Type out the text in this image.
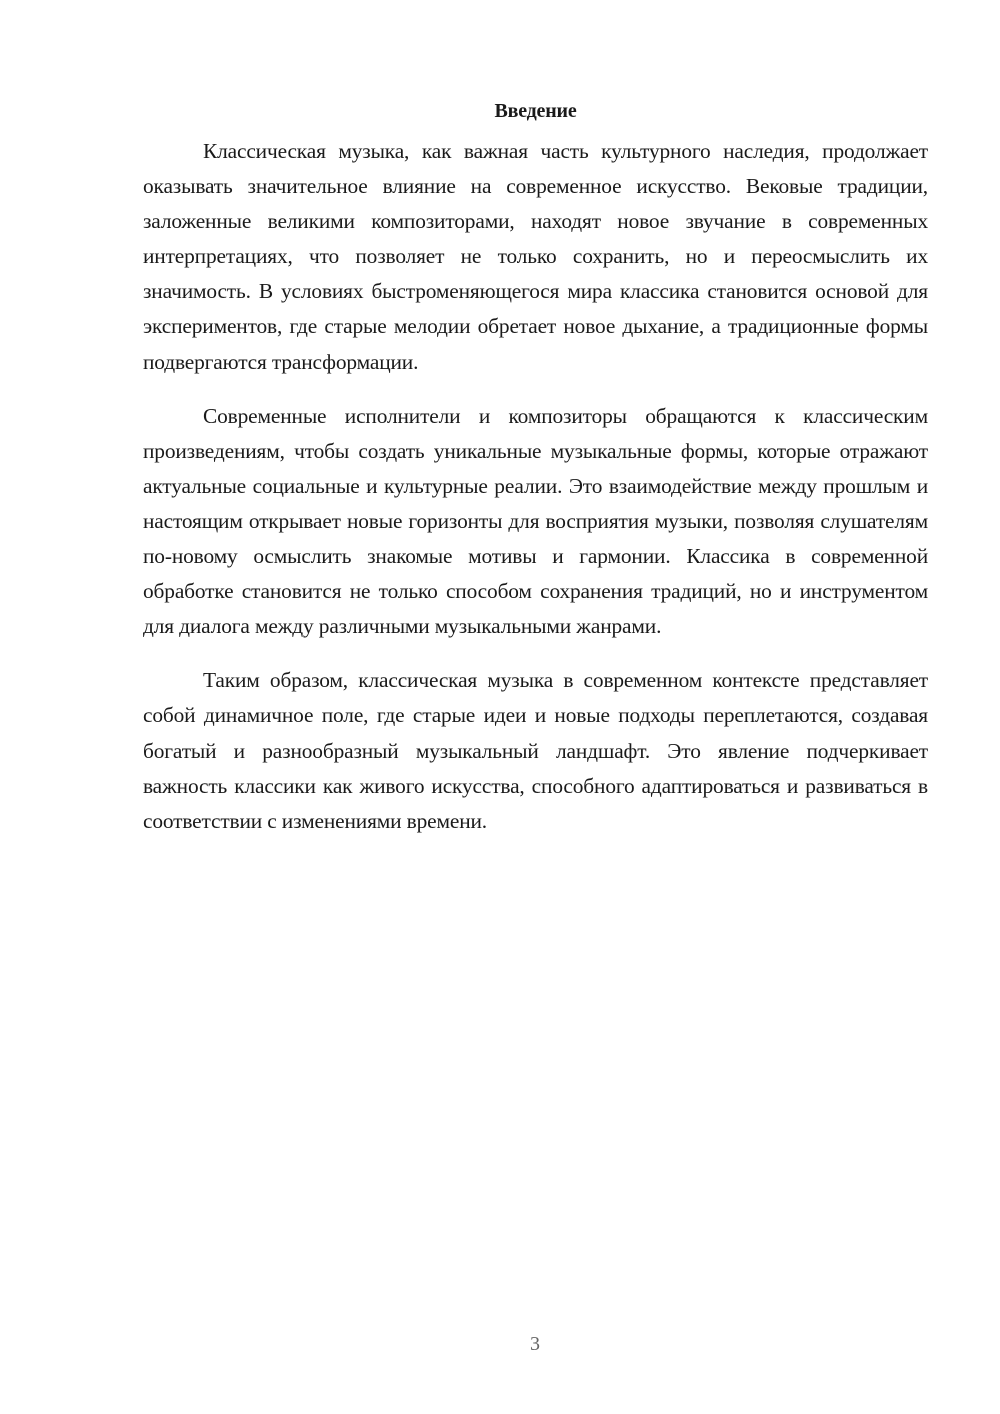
Введение

Классическая музыка, как важная часть культурного наследия, продолжает оказывать значительное влияние на современное искусство. Вековые традиции, заложенные великими композиторами, находят новое звучание в современных интерпретациях, что позволяет не только сохранить, но и переосмыслить их значимость. В условиях быстроменяющегося мира классика становится основой для экспериментов, где старые мелодии обретает новое дыхание, а традиционные формы подвергаются трансформации.

Современные исполнители и композиторы обращаются к классическим произведениям, чтобы создать уникальные музыкальные формы, которые отражают актуальные социальные и культурные реалии. Это взаимодействие между прошлым и настоящим открывает новые горизонты для восприятия музыки, позволяя слушателям по-новому осмыслить знакомые мотивы и гармонии. Классика в современной обработке становится не только способом сохранения традиций, но и инструментом для диалога между различными музыкальными жанрами.

Таким образом, классическая музыка в современном контексте представляет собой динамичное поле, где старые идеи и новые подходы переплетаются, создавая богатый и разнообразный музыкальный ландшафт. Это явление подчеркивает важность классики как живого искусства, способного адаптироваться и развиваться в соответствии с изменениями времени.

3
